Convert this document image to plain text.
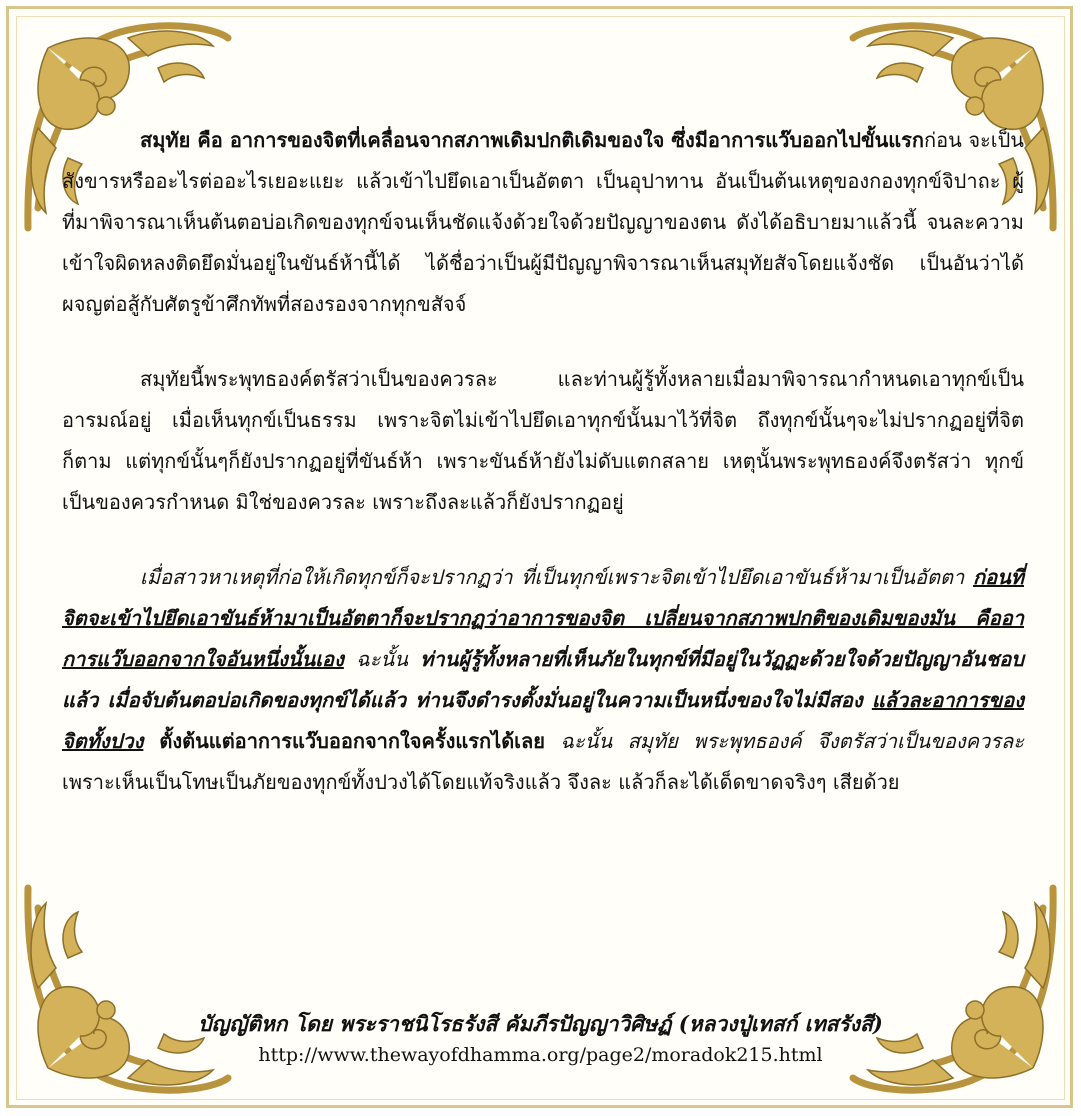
สมุทัย คือ อาการของจิตที่เคลื่อนจากสภาพเดิมปกติเดิมของใจ ซึ่งมีอาการแว๊บออกไปขั้นแรกก่อน จะเป็นสังขารหรืออะไรต่ออะไรเยอะแยะ แล้วเข้าไปยึดเอาเป็นอัตตา เป็นอุปาทาน อันเป็นต้นเหตุของกองทุกข์จิปาถะ ผู้ที่มาพิจารณาเห็นต้นตอบ่อเกิดของทุกข์จนเห็นชัดแจ้งด้วยใจด้วยปัญญาของตน ดังได้อธิบายมาแล้วนี้ จนละความเข้าใจผิดหลงติดยึดมั่นอยู่ในขันธ์ห้านี้ได้ ได้ชื่อว่าเป็นผู้มีปัญญาพิจารณาเห็นสมุทัยสัจโดยแจ้งชัด เป็นอันว่าได้ผจญต่อสู้กับศัตรูข้าศึกทัพที่สองรองจากทุกขสัจจ์

สมุทัยนี้พระพุทธองค์ตรัสว่าเป็นของควรละ และท่านผู้รู้ทั้งหลายเมื่อมาพิจารณากำหนดเอาทุกข์เป็นอารมณ์อยู่ เมื่อเห็นทุกข์เป็นธรรม เพราะจิตไม่เข้าไปยึดเอาทุกข์นั้นมาไว้ที่จิต ถึงทุกข์นั้นๆจะไม่ปรากฏอยู่ที่จิตก็ตาม แต่ทุกข์นั้นๆก็ยังปรากฏอยู่ที่ขันธ์ห้า เพราะขันธ์ห้ายังไม่ดับแตกสลาย เหตุนั้นพระพุทธองค์จึงตรัสว่า ทุกข์เป็นของควรกำหนด มิใช่ของควรละ เพราะถึงละแล้วก็ยังปรากฏอยู่

เมื่อสาวหาเหตุที่ก่อให้เกิดทุกข์ก็จะปรากฏว่า ที่เป็นทุกข์เพราะจิตเข้าไปยึดเอาขันธ์ห้ามาเป็นอัตตา ก่อนที่จิตจะเข้าไปยึดเอาขันธ์ห้ามาเป็นอัตตาก็จะปรากฏว่าอาการของจิต เปลี่ยนจากสภาพปกติของเดิมของมัน คืออาการแว๊บออกจากใจอันหนึ่งนั้นเอง ฉะนั้น ท่านผู้รู้ทั้งหลายที่เห็นภัยในทุกข์ที่มีอยู่ในวัฏฏะด้วยใจด้วยปัญญาอันชอบแล้ว เมื่อจับต้นตอบ่อเกิดของทุกข์ได้แล้ว ท่านจึงดำรงตั้งมั่นอยู่ในความเป็นหนึ่งของใจไม่มีสอง แล้วละอาการของจิตทั้งปวง ตั้งต้นแต่อาการแว๊บออกจากใจครั้งแรกได้เลย ฉะนั้น สมุทัย พระพุทธองค์ จึงตรัสว่าเป็นของควรละ เพราะเห็นเป็นโทษเป็นภัยของทุกข์ทั้งปวงได้โดยแท้จริงแล้ว จึงละ แล้วก็ละได้เด็ดขาดจริงๆ เสียด้วย

บัญญัติหก โดย พระราชนิโรธรังสี คัมภีรปัญญาวิศิษฏ์ (หลวงปู่เทสก์ เทสรังสี)
http://www.thewayofdhamma.org/page2/moradok215.html
